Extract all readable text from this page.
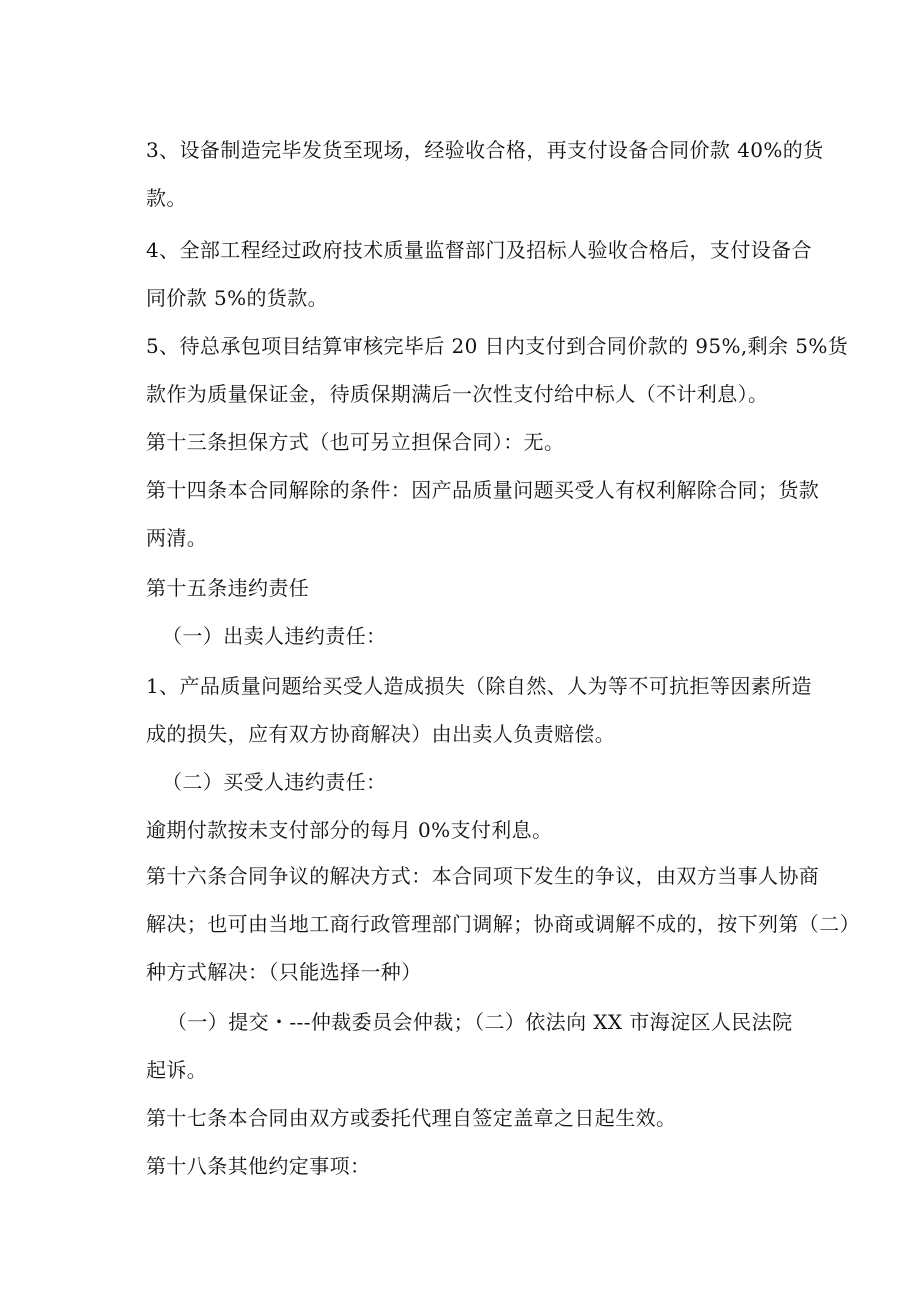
3、设备制造完毕发货至现场，经验收合格，再支付设备合同价款 40%的货
款。
4、全部工程经过政府技术质量监督部门及招标人验收合格后，支付设备合
同价款 5%的货款。
5、待总承包项目结算审核完毕后 20 日内支付到合同价款的 95%,剩余 5%货
款作为质量保证金，待质保期满后一次性支付给中标人（不计利息）。
第十三条担保方式（也可另立担保合同）：无。
第十四条本合同解除的条件：因产品质量问题买受人有权利解除合同；货款
两清。
第十五条违约责任
（一）出卖人违约责任：
1、产品质量问题给买受人造成损失（除自然、人为等不可抗拒等因素所造
成的损失，应有双方协商解决）由出卖人负责赔偿。
（二）买受人违约责任：
逾期付款按未支付部分的每月 0%支付利息。
第十六条合同争议的解决方式：本合同项下发生的争议，由双方当事人协商
解决；也可由当地工商行政管理部门调解；协商或调解不成的，按下列第（二）
种方式解决：（只能选择一种）
（一）提交・---仲裁委员会仲裁；（二）依法向 XX 市海淀区人民法院
起诉。
第十七条本合同由双方或委托代理自签定盖章之日起生效。
第十八条其他约定事项：
